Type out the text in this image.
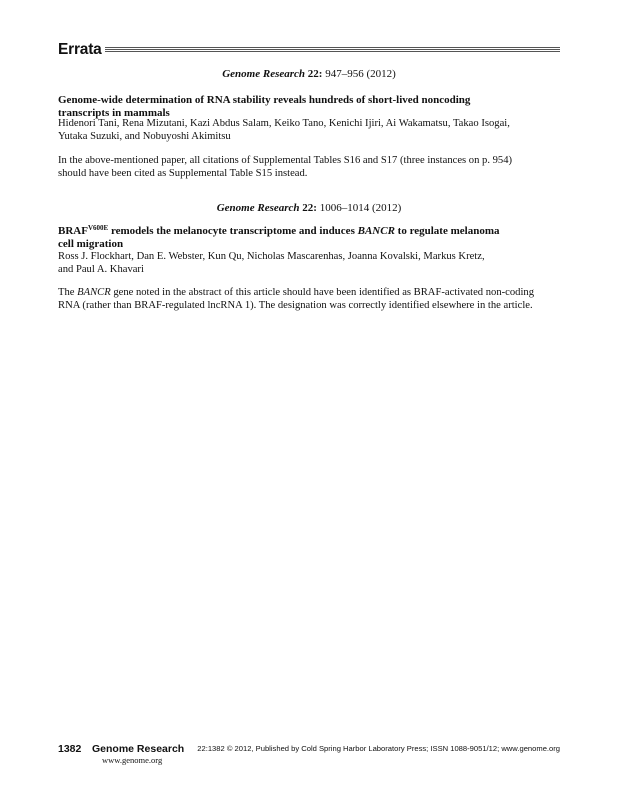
Errata
Genome Research 22: 947–956 (2012)
Genome-wide determination of RNA stability reveals hundreds of short-lived noncoding
transcripts in mammals
Hidenori Tani, Rena Mizutani, Kazi Abdus Salam, Keiko Tano, Kenichi Ijiri, Ai Wakamatsu, Takao Isogai,
Yutaka Suzuki, and Nobuyoshi Akimitsu
In the above-mentioned paper, all citations of Supplemental Tables S16 and S17 (three instances on p. 954)
should have been cited as Supplemental Table S15 instead.
Genome Research 22: 1006–1014 (2012)
$BRAF^{V600E}$ remodels the melanocyte transcriptome and induces BANCR to regulate melanoma
cell migration
Ross J. Flockhart, Dan E. Webster, Kun Qu, Nicholas Mascarenhas, Joanna Kovalski, Markus Kretz,
and Paul A. Khavari
The BANCR gene noted in the abstract of this article should have been identified as BRAF-activated non-coding
RNA (rather than BRAF-regulated lncRNA 1). The designation was correctly identified elsewhere in the article.
1382 Genome Research
www.genome.org
22:1382 © 2012, Published by Cold Spring Harbor Laboratory Press; ISSN 1088-9051/12; www.genome.org
